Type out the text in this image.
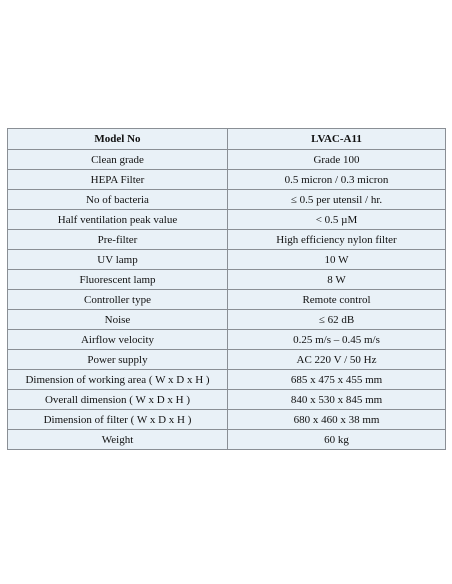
Model No	LVAC-A11
Clean grade	Grade 100
HEPA Filter	0.5 micron / 0.3 micron
No of bacteria	≤ 0.5 per utensil / hr.
Half ventilation peak value	< 0.5 µM
Pre-filter	High efficiency nylon filter
UV lamp	10 W
Fluorescent lamp	8 W
Controller type	Remote control
Noise	≤ 62 dB
Airflow velocity	0.25 m/s – 0.45 m/s
Power supply	AC 220 V / 50 Hz
Dimension of working area ( W x D x H )	685 x 475 x 455 mm
Overall dimension ( W x D x H )	840 x 530 x 845 mm
Dimension of filter ( W x D x H )	680 x 460 x 38 mm
Weight	60 kg
